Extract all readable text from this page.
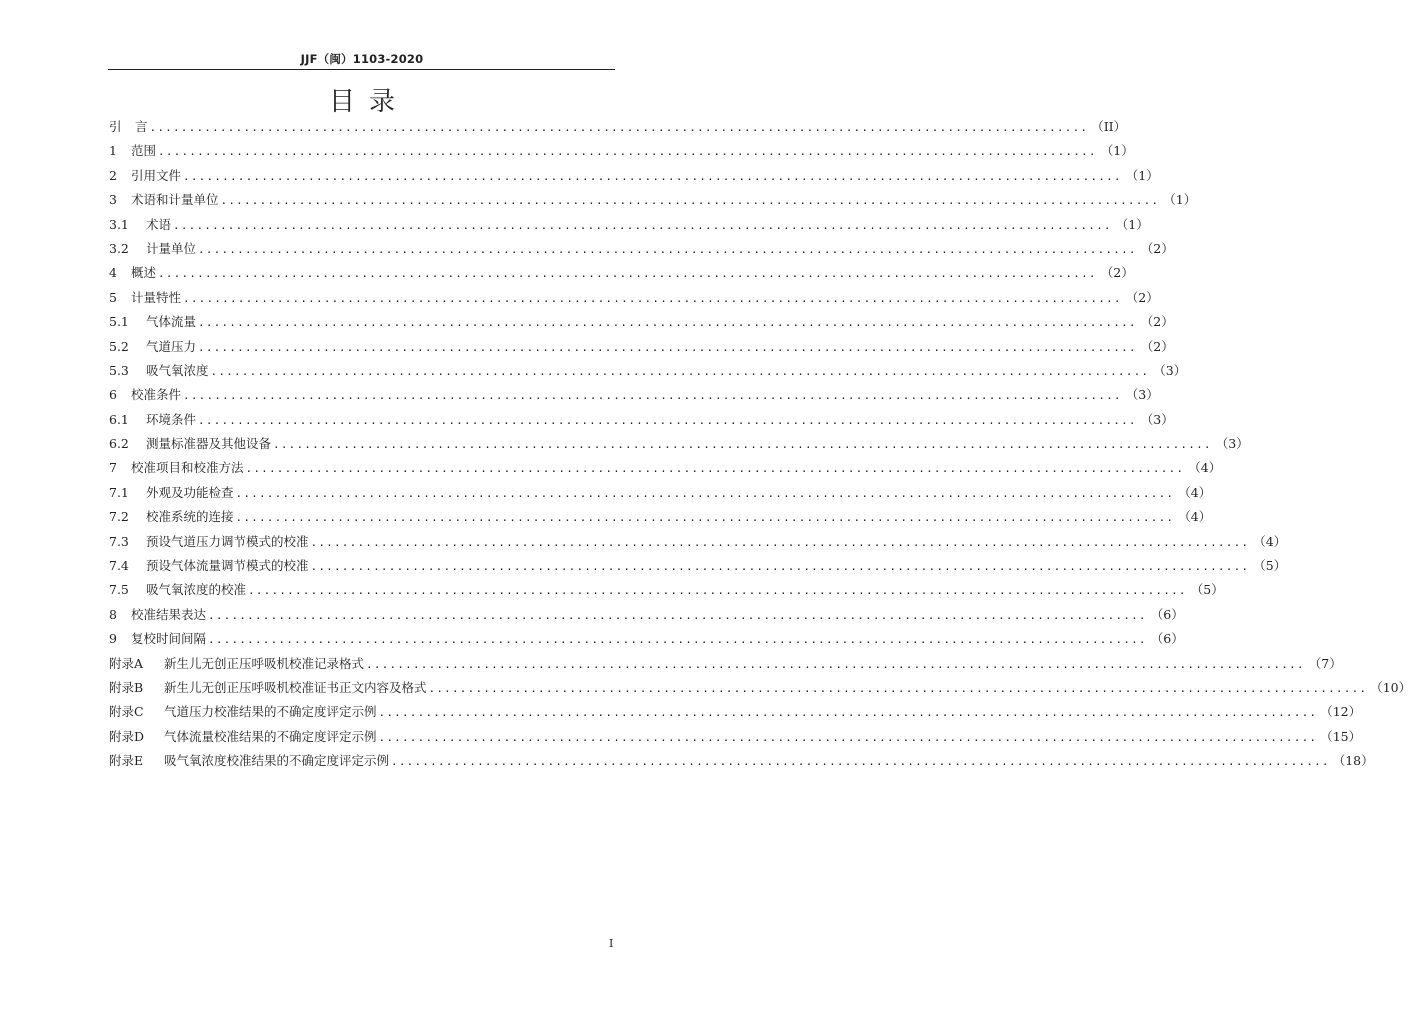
JJF（闽）1103-2020
目录
引	言 ........................................................................................................................ （II）
1	范围 ........................................................................................................................ （1）
2	引用文件 ........................................................................................................................ （1）
3	术语和计量单位 ........................................................................................................................ （1）
3.1	术语 ........................................................................................................................ （1）
3.2	计量单位 ........................................................................................................................ （2）
4	概述 ........................................................................................................................ （2）
5	计量特性 ........................................................................................................................ （2）
5.1	气体流量 ........................................................................................................................ （2）
5.2	气道压力 ........................................................................................................................ （2）
5.3	吸气氧浓度 ........................................................................................................................ （3）
6	校准条件 ........................................................................................................................ （3）
6.1	环境条件 ........................................................................................................................ （3）
6.2	测量标准器及其他设备 ........................................................................................................................ （3）
7	校准项目和校准方法 ........................................................................................................................ （4）
7.1	外观及功能检查 ........................................................................................................................ （4）
7.2	校准系统的连接 ........................................................................................................................ （4）
7.3	预设气道压力调节模式的校准 ........................................................................................................................ （4）
7.4	预设气体流量调节模式的校准 ........................................................................................................................ （5）
7.5	吸气氧浓度的校准 ........................................................................................................................ （5）
8	校准结果表达 ........................................................................................................................ （6）
9	复校时间间隔 ........................................................................................................................ （6）
附录A	新生儿无创正压呼吸机校准记录格式 ........................................................................................................................ （7）
附录B	新生儿无创正压呼吸机校准证书正文内容及格式 ........................................................................................................................ （10）
附录C	气道压力校准结果的不确定度评定示例 ........................................................................................................................ （12）
附录D	气体流量校准结果的不确定度评定示例 ........................................................................................................................ （15）
附录E	吸气氧浓度校准结果的不确定度评定示例 ........................................................................................................................ （18）
I
